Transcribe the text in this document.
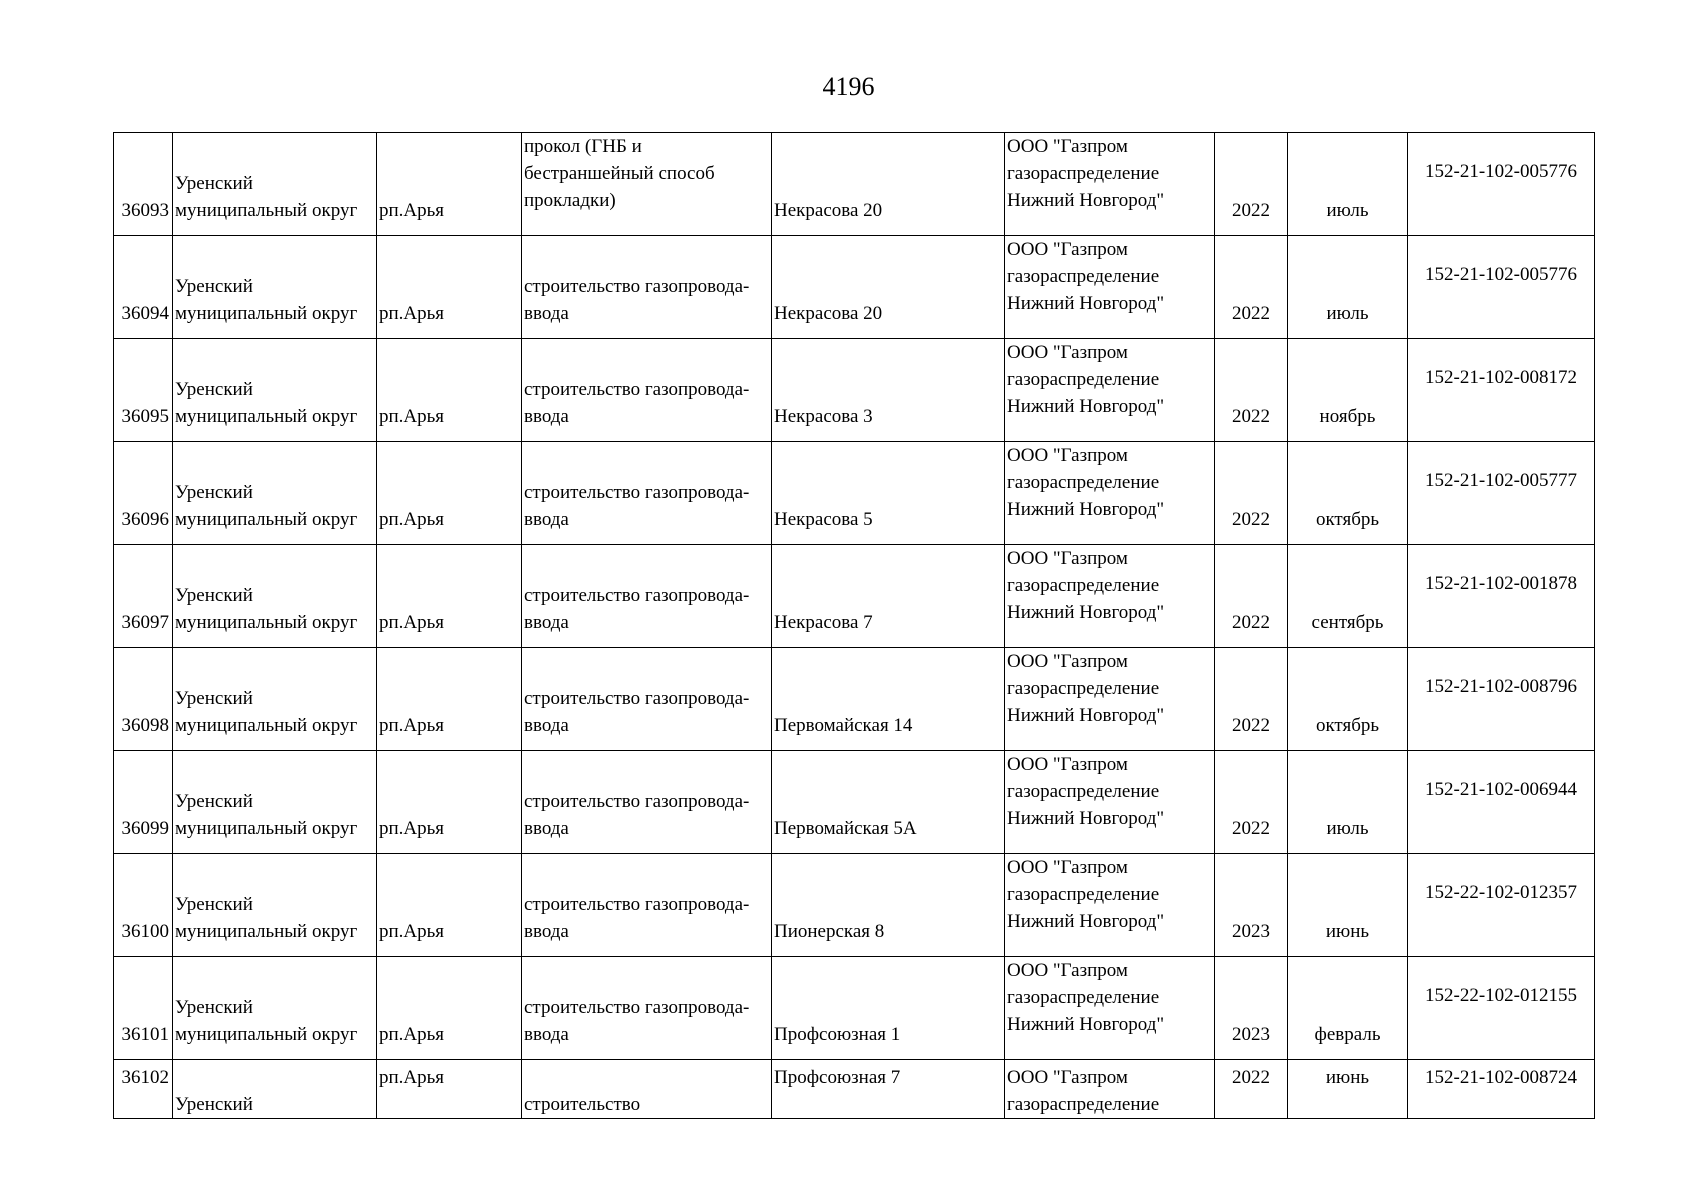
4196
36093	Уренский
муниципальный округ	рп.Арья	прокол (ГНБ и
бестраншейный способ
прокладки)	Некрасова 20	ООО "Газпром
газораспределение
Нижний Новгород"	2022	июль	152-21-102-005776
36094	Уренский
муниципальный округ	рп.Арья	строительство газопровода-
ввода	Некрасова 20	ООО "Газпром
газораспределение
Нижний Новгород"	2022	июль	152-21-102-005776
36095	Уренский
муниципальный округ	рп.Арья	строительство газопровода-
ввода	Некрасова 3	ООО "Газпром
газораспределение
Нижний Новгород"	2022	ноябрь	152-21-102-008172
36096	Уренский
муниципальный округ	рп.Арья	строительство газопровода-
ввода	Некрасова 5	ООО "Газпром
газораспределение
Нижний Новгород"	2022	октябрь	152-21-102-005777
36097	Уренский
муниципальный округ	рп.Арья	строительство газопровода-
ввода	Некрасова 7	ООО "Газпром
газораспределение
Нижний Новгород"	2022	сентябрь	152-21-102-001878
36098	Уренский
муниципальный округ	рп.Арья	строительство газопровода-
ввода	Первомайская 14	ООО "Газпром
газораспределение
Нижний Новгород"	2022	октябрь	152-21-102-008796
36099	Уренский
муниципальный округ	рп.Арья	строительство газопровода-
ввода	Первомайская 5А	ООО "Газпром
газораспределение
Нижний Новгород"	2022	июль	152-21-102-006944
36100	Уренский
муниципальный округ	рп.Арья	строительство газопровода-
ввода	Пионерская 8	ООО "Газпром
газораспределение
Нижний Новгород"	2023	июнь	152-22-102-012357
36101	Уренский
муниципальный округ	рп.Арья	строительство газопровода-
ввода	Профсоюзная 1	ООО "Газпром
газораспределение
Нижний Новгород"	2023	февраль	152-22-102-012155
36102	Уренский	рп.Арья	строительство	Профсоюзная 7	ООО "Газпром
газораспределение	2022	июнь	152-21-102-008724
